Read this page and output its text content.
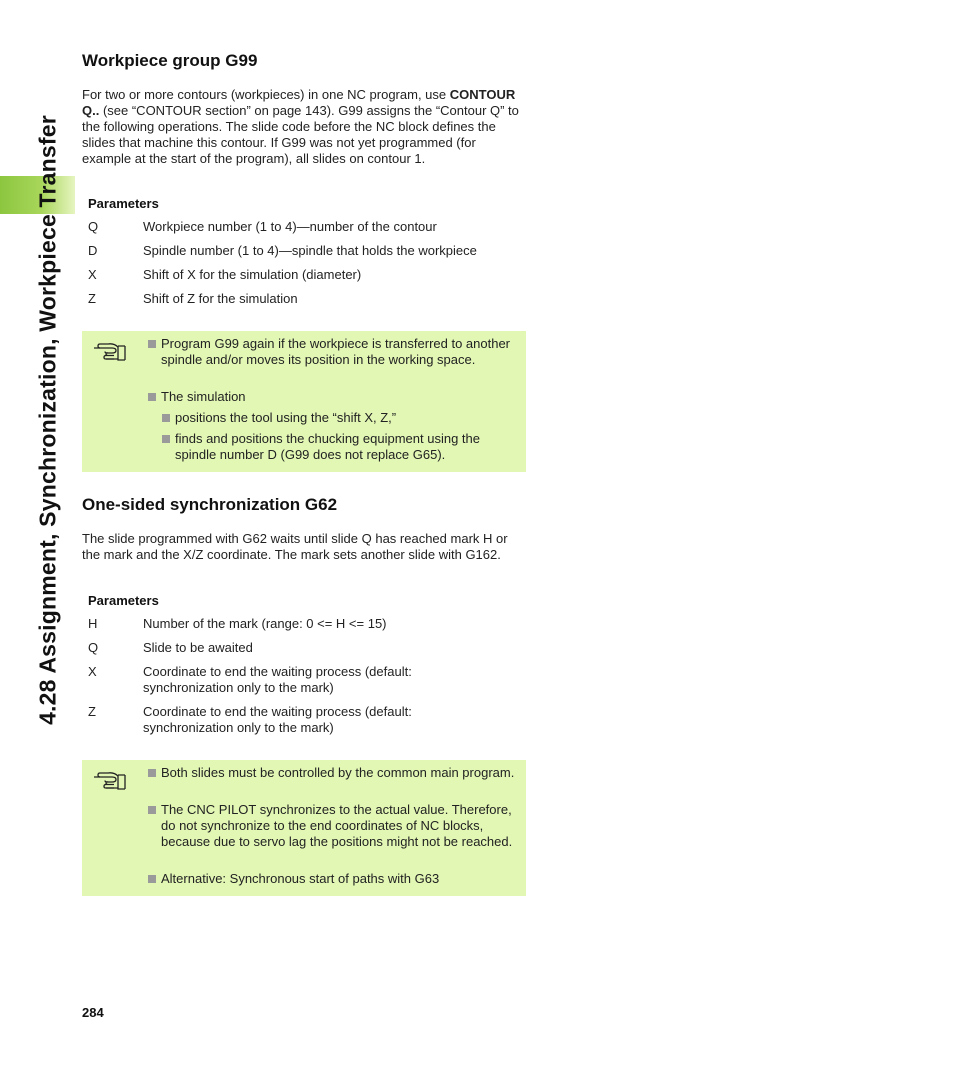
4.28 Assignment, Synchronization, Workpiece Transfer
Workpiece group G99

For two or more contours (workpieces) in one NC program, use CONTOUR Q.. (see “CONTOUR section” on page 143). G99 assigns the “Contour Q” to the following operations. The slide code before the NC block defines the slides that machine this contour. If G99 was not yet programmed (for example at the start of the program), all slides on contour 1.

Parameters
Q	Workpiece number (1 to 4)—number of the contour
D	Spindle number (1 to 4)—spindle that holds the workpiece
X	Shift of X for the simulation (diameter)
Z	Shift of Z for the simulation
Program G99 again if the workpiece is transferred to another spindle and/or moves its position in the working space.
The simulation
positions the tool using the “shift X, Z,”
finds and positions the chucking equipment using the spindle number D (G99 does not replace G65).
One-sided synchronization G62

The slide programmed with G62 waits until slide Q has reached mark H or the mark and the X/Z coordinate. The mark sets another slide with G162.

Parameters
H	Number of the mark (range: 0 <= H <= 15)
Q	Slide to be awaited
X	Coordinate to end the waiting process (default: synchronization only to the mark)
Z	Coordinate to end the waiting process (default: synchronization only to the mark)
Both slides must be controlled by the common main program.
The CNC PILOT synchronizes to the actual value. Therefore, do not synchronize to the end coordinates of NC blocks, because due to servo lag the positions might not be reached.
Alternative: Synchronous start of paths with G63
284
